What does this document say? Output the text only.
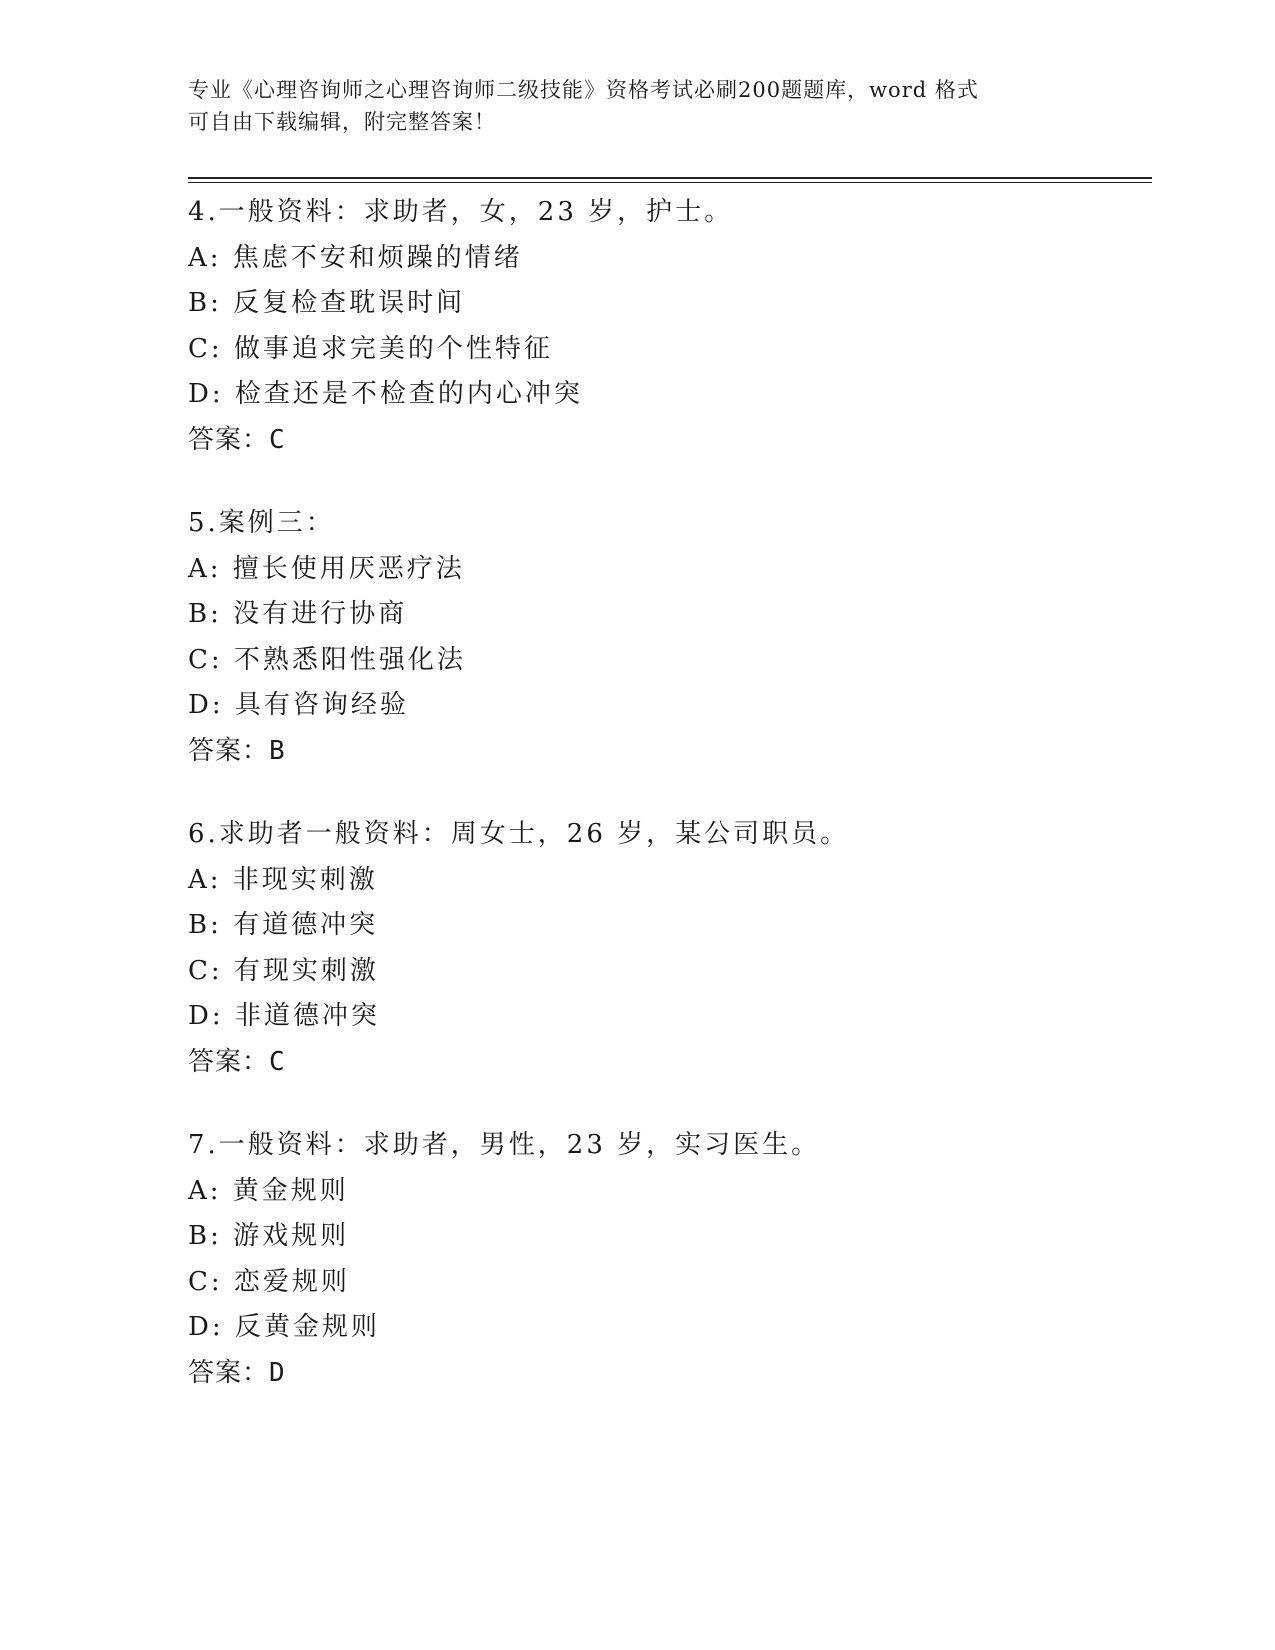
专业《心理咨询师之心理咨询师二级技能》资格考试必刷200题题库，word 格式
可自由下载编辑，附完整答案！
4.一般资料：求助者，女，23 岁，护士。
A: 焦虑不安和烦躁的情绪
B: 反复检查耽误时间
C: 做事追求完美的个性特征
D: 检查还是不检查的内心冲突
答案：C
5.案例三：
A: 擅长使用厌恶疗法
B: 没有进行协商
C: 不熟悉阳性强化法
D: 具有咨询经验
答案：B
6.求助者一般资料：周女士，26 岁，某公司职员。
A: 非现实刺激
B: 有道德冲突
C: 有现实刺激
D: 非道德冲突
答案：C
7.一般资料：求助者，男性，23 岁，实习医生。
A: 黄金规则
B: 游戏规则
C: 恋爱规则
D: 反黄金规则
答案：D
